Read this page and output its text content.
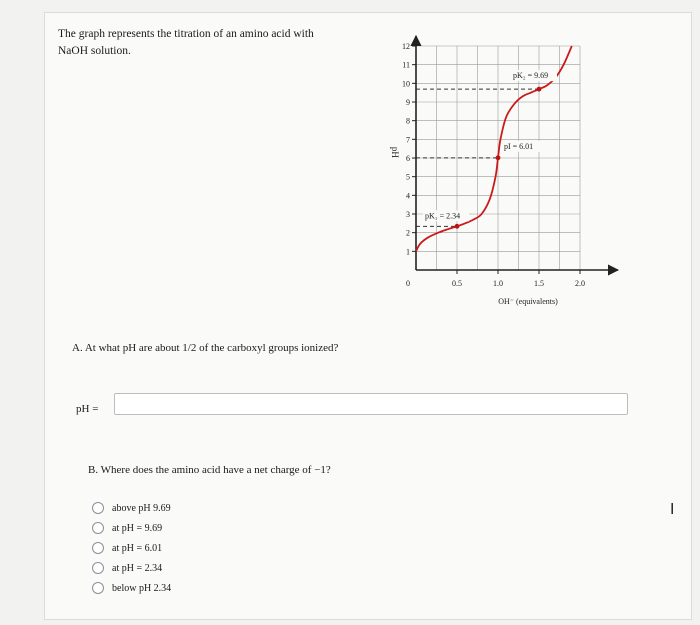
The graph represents the titration of an amino acid with
NaOH solution.
1
2
3
4
5
6
7
8
9
10
11
12
0.5	1.0	1.5	2.0
0
OH⁻ (equivalents)
pH
pK₁ = 2.34
pI = 6.01
pK₂ = 9.69
A. At what pH are about 1/2 of the carboxyl groups ionized?
pH =
B. Where does the amino acid have a net charge of −1?
above pH 9.69
at pH = 9.69
at pH = 6.01
at pH = 2.34
below pH 2.34
I
